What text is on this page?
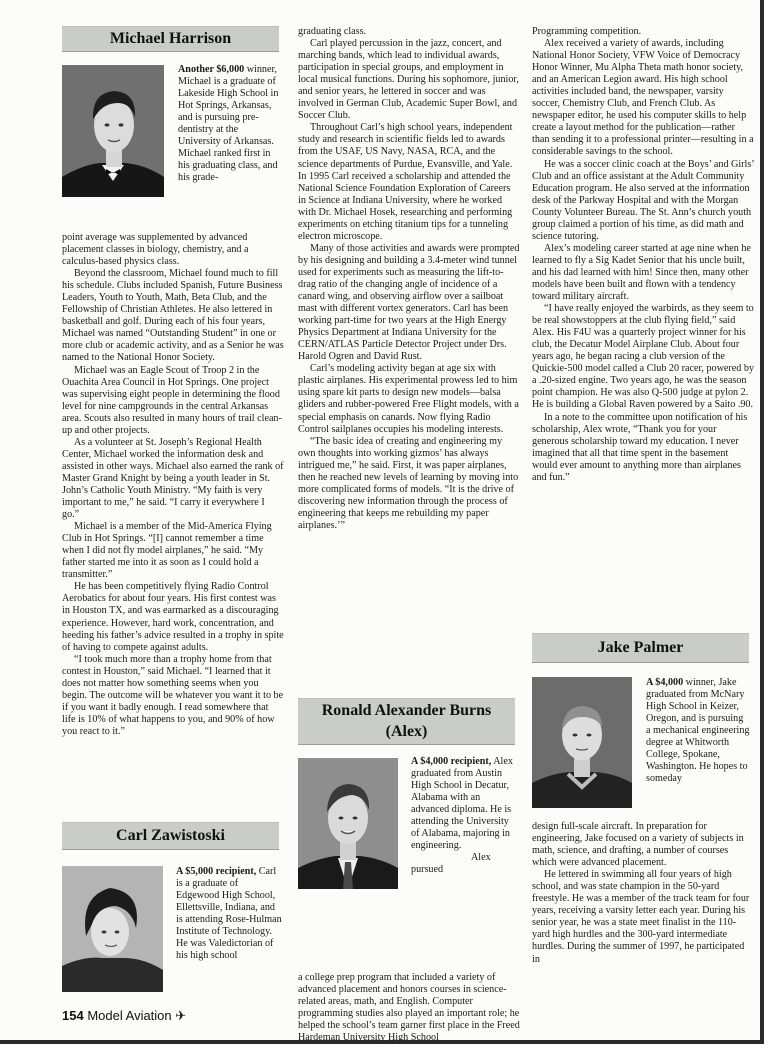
Michael Harrison

Another $6,000 winner, Michael is a graduate of Lakeside High School in Hot Springs, Arkansas, and is pursuing pre-dentistry at the University of Arkansas. Michael ranked first in his graduating class, and his grade-

point average was supplemented by advanced placement classes in biology, chemistry, and a calculus-based physics class.

Beyond the classroom, Michael found much to fill his schedule. Clubs included Spanish, Future Business Leaders, Youth to Youth, Math, Beta Club, and the Fellowship of Christian Athletes. He also lettered in basketball and golf. During each of his four years, Michael was named “Outstanding Student” in one or more club or academic activity, and as a Senior he was named to the National Honor Society.

Michael was an Eagle Scout of Troop 2 in the Ouachita Area Council in Hot Springs. One project was supervising eight people in determining the flood level for nine campgrounds in the central Arkansas area. Scouts also resulted in many hours of trail clean-up and other projects.

As a volunteer at St. Joseph’s Regional Health Center, Michael worked the information desk and assisted in other ways. Michael also earned the rank of Master Grand Knight by being a youth leader in St. John’s Catholic Youth Ministry. “My faith is very important to me,” he said. “I carry it everywhere I go.”

Michael is a member of the Mid-America Flying Club in Hot Springs. “[I] cannot remember a time when I did not fly model airplanes,” he said. “My father started me into it as soon as I could hold a transmitter.”

He has been competitively flying Radio Control Aerobatics for about four years. His first contest was in Houston TX, and was earmarked as a discouraging experience. However, hard work, concentration, and heeding his father’s advice resulted in a trophy in spite of having to compete against adults.

“I took much more than a trophy home from that contest in Houston,” said Michael. “I learned that it does not matter how something seems when you begin. The outcome will be whatever you want it to be if you want it badly enough. I read somewhere that life is 10% of what happens to you, and 90% of how you react to it.”

Carl Zawistoski

A $5,000 recipient, Carl is a graduate of Edgewood High School, Ellettsville, Indiana, and is attending Rose-Hulman Institute of Technology. He was Valedictorian of his high school

graduating class.

Carl played percussion in the jazz, concert, and marching bands, which lead to individual awards, participation in special groups, and employment in local musical functions. During his sophomore, junior, and senior years, he lettered in soccer and was involved in German Club, Academic Super Bowl, and Soccer Club.

Throughout Carl’s high school years, independent study and research in scientific fields led to awards from the USAF, US Navy, NASA, RCA, and the science departments of Purdue, Evansville, and Yale. In 1995 Carl received a scholarship and attended the National Science Foundation Exploration of Careers in Science at Indiana University, where he worked with Dr. Michael Hosek, researching and performing experiments on etching titanium tips for a tunneling electron microscope.

Many of those activities and awards were prompted by his designing and building a 3.4-meter wind tunnel used for experiments such as measuring the lift-to-drag ratio of the changing angle of incidence of a canard wing, and observing airflow over a sailboat mast with different vortex generators. Carl has been working part-time for two years at the High Energy Physics Department at Indiana University for the CERN/ATLAS Particle Detector Project under Drs. Harold Ogren and David Rust.

Carl’s modeling activity began at age six with plastic airplanes. His experimental prowess led to him using spare kit parts to design new models—balsa gliders and rubber-powered Free Flight models, with a special emphasis on canards. Now flying Radio Control sailplanes occupies his modeling interests.

“The basic idea of creating and engineering my own thoughts into working gizmos’ has always intrigued me,” he said. First, it was paper airplanes, then he reached new levels of learning by moving into more complicated forms of models. “It is the drive of discovering new information through the process of engineering that keeps me rebuilding my paper airplanes.’”

Ronald Alexander Burns
(Alex)

A $4,000 recipient, Alex graduated from Austin High School in Decatur, Alabama with an advanced diploma. He is attending the University of Alabama, majoring in engineering.

Alex pursued

a college prep program that included a variety of advanced placement and honors courses in science-related areas, math, and English. Computer programming studies also played an important role; he helped the school’s team garner first place in the Freed Hardeman University High School

Programming competition.

Alex received a variety of awards, including National Honor Society, VFW Voice of Democracy Honor Winner, Mu Alpha Theta math honor society, and an American Legion award. His high school activities included band, the newspaper, varsity soccer, Chemistry Club, and French Club. As newspaper editor, he used his computer skills to help create a layout method for the publication—rather than sending it to a professional printer—resulting in a considerable savings to the school.

He was a soccer clinic coach at the Boys’ and Girls’ Club and an office assistant at the Adult Community Education program. He also served at the information desk of the Parkway Hospital and with the Morgan County Volunteer Bureau. The St. Ann’s church youth group claimed a portion of his time, as did math and science tutoring.

Alex’s modeling career started at age nine when he learned to fly a Sig Kadet Senior that his uncle built, and his dad learned with him! Since then, many other models have been built and flown with a tendency toward military aircraft.

“I have really enjoyed the warbirds, as they seem to be real showstoppers at the club flying field,” said Alex. His F4U was a quarterly project winner for his club, the Decatur Model Airplane Club. About four years ago, he began racing a club version of the Quickie-500 model called a Club 20 racer, powered by a .20-sized engine. Two years ago, he was the season point champion. He was also Q-500 judge at pylon 2. He is building a Global Raven powered by a Saito .90.

In a note to the committee upon notification of his scholarship, Alex wrote, “Thank you for your generous scholarship toward my education. I never imagined that all that time spent in the basement would ever amount to anything more than airplanes and fun.”

Jake Palmer

A $4,000 winner, Jake graduated from McNary High School in Keizer, Oregon, and is pursuing a mechanical engineering degree at Whitworth College, Spokane, Washington. He hopes to someday

design full-scale aircraft. In preparation for engineering, Jake focused on a variety of subjects in math, science, and drafting, a number of courses which were advanced placement.

He lettered in swimming all four years of high school, and was state champion in the 50-yard freestyle. He was a member of the track team for four years, receiving a varsity letter each year. During his senior year, he was a state meet finalist in the 110-yard high hurdles and the 300-yard intermediate hurdles. During the summer of 1997, he participated in

154 Model Aviation ✈
